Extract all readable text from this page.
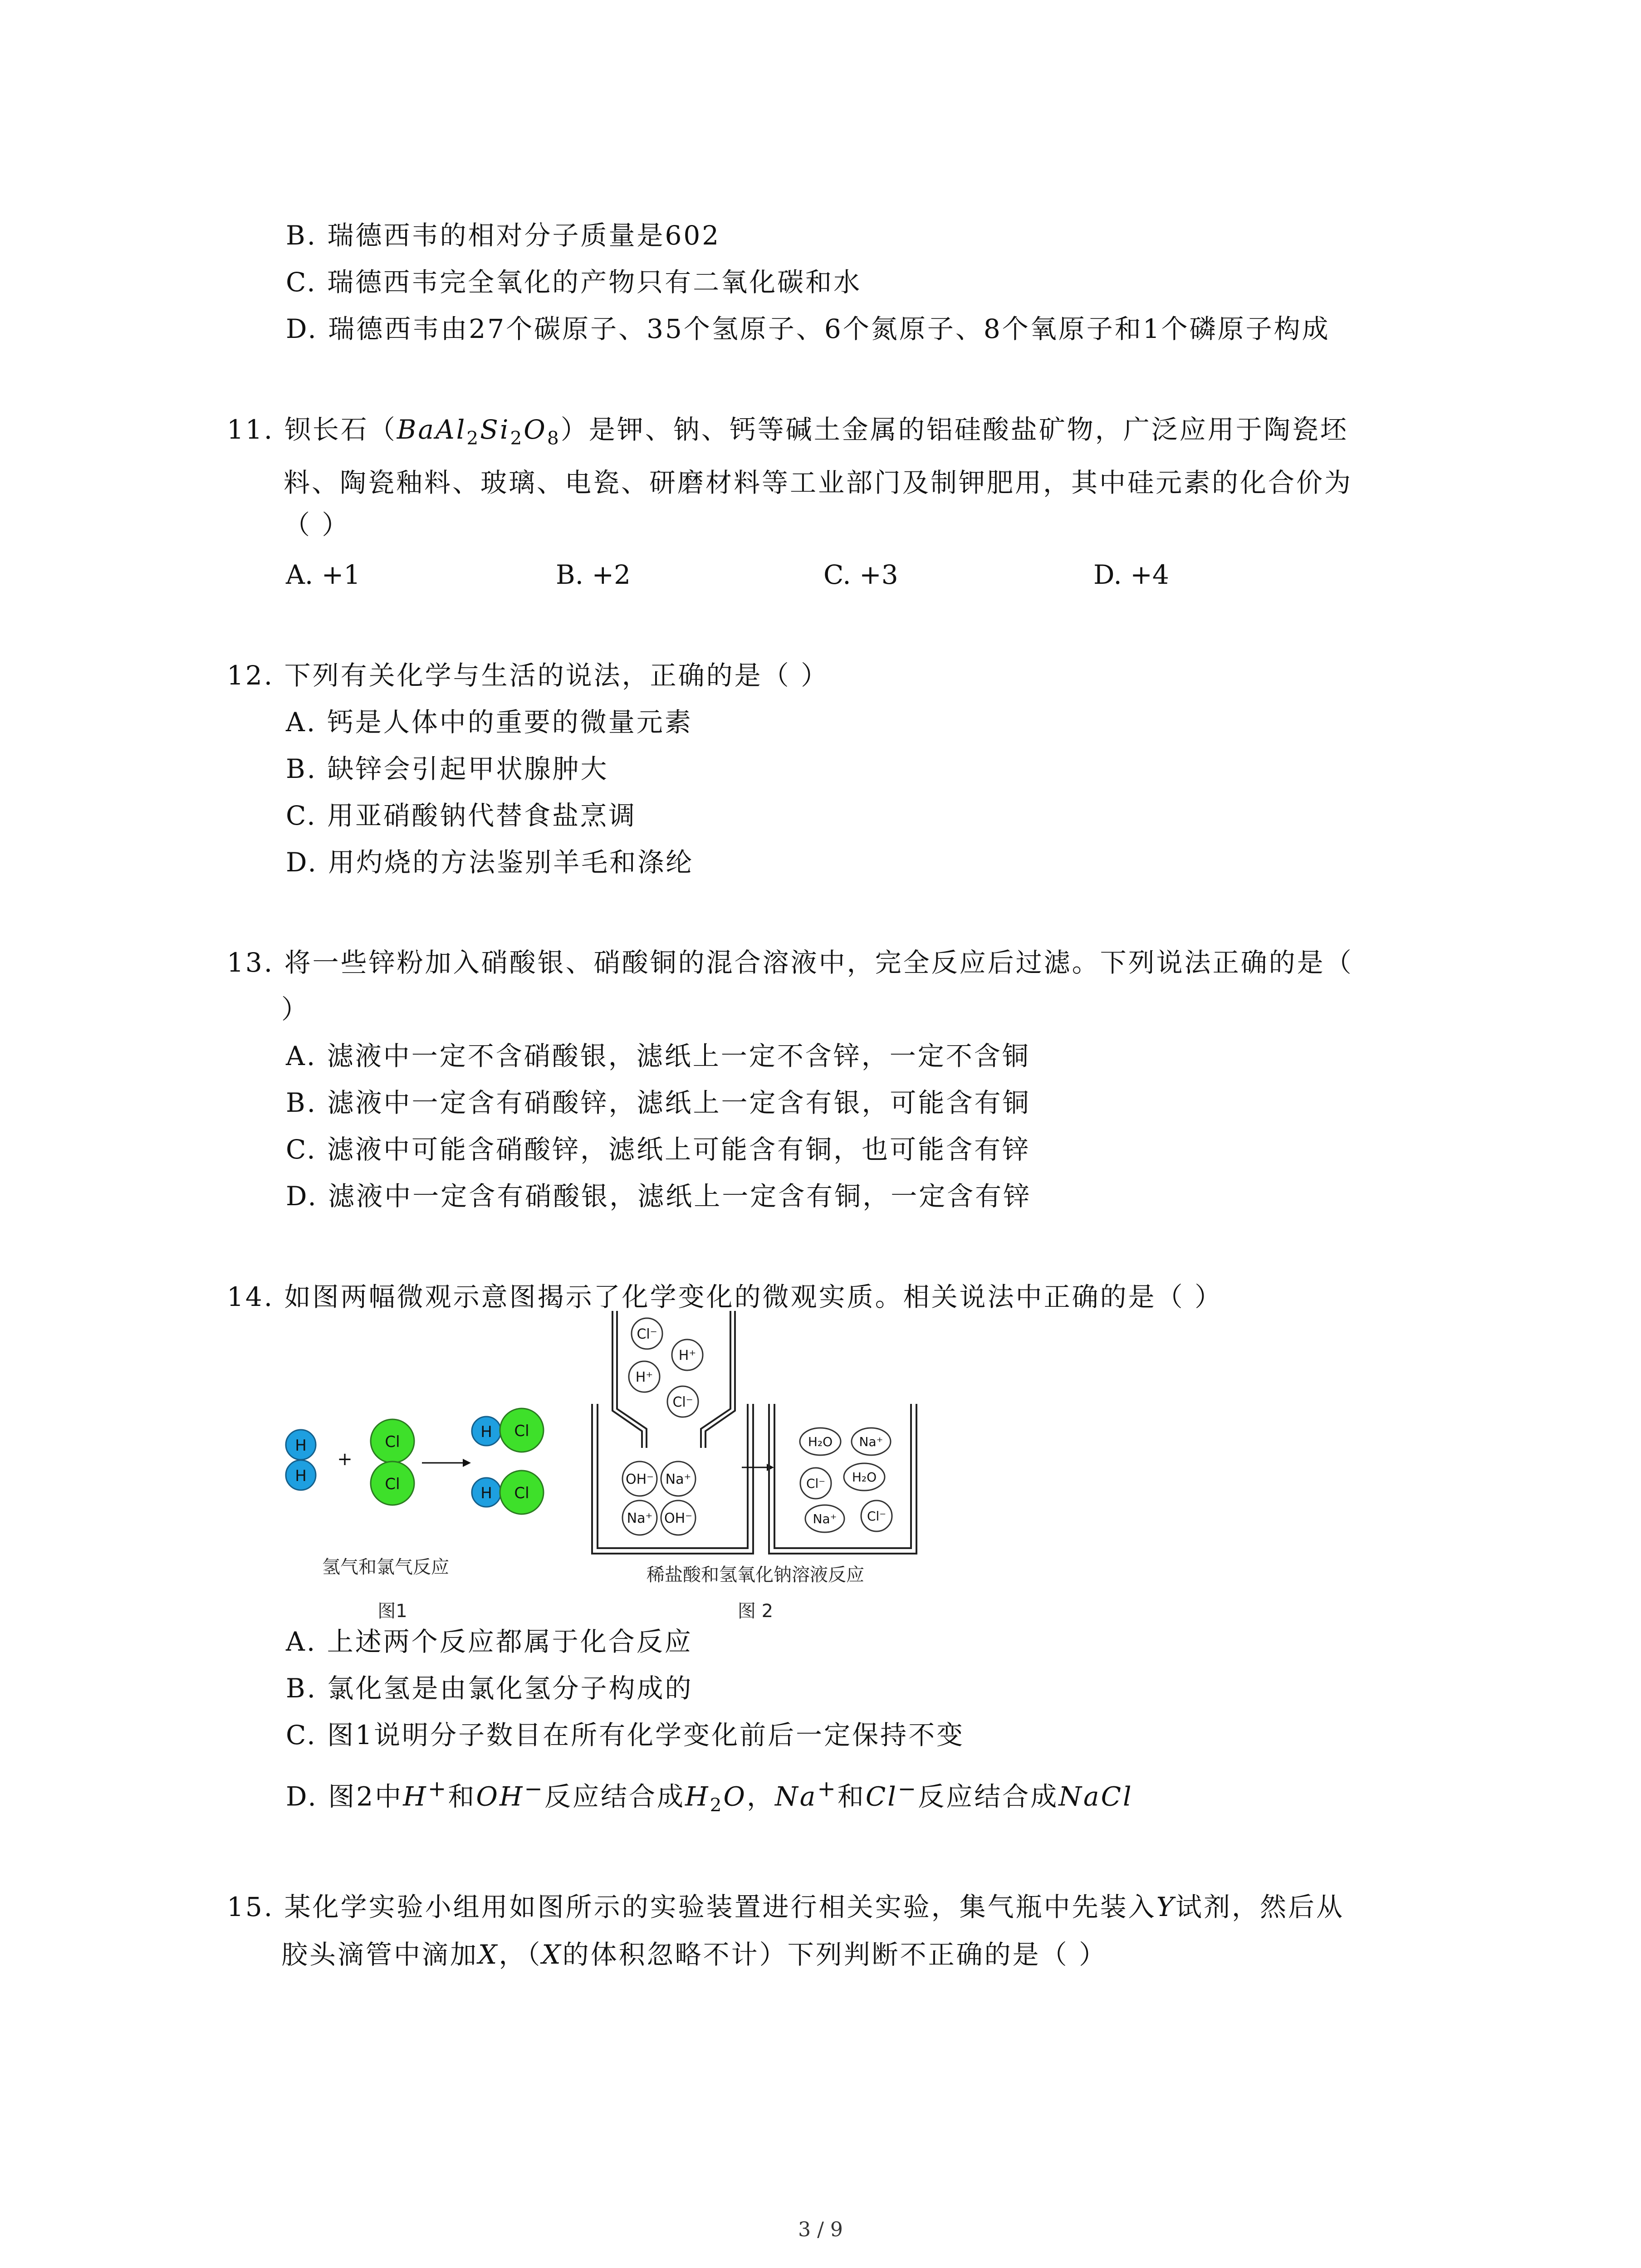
B. 瑞德西韦的相对分子质量是602
C. 瑞德西韦完全氧化的产物只有二氧化碳和水
D. 瑞德西韦由27个碳原子、35个氢原子、6个氮原子、8个氧原子和1个磷原子构成
11. 钡长石$(BaAl_2Si_2O_8)$是钾、钠、钙等碱土金属的铝硅酸盐矿物，广泛应用于陶瓷坯
料、陶瓷釉料、玻璃、电瓷、研磨材料等工业部门及制钾肥用，其中硅元素的化合价为
（ ）
A. +1	B. +2	C. +3	D. +4
12. 下列有关化学与生活的说法，正确的是（ ）
A. 钙是人体中的重要的微量元素
B. 缺锌会引起甲状腺肿大
C. 用亚硝酸钠代替食盐烹调
D. 用灼烧的方法鉴别羊毛和涤纶
13. 将一些锌粉加入硝酸银、硝酸铜的混合溶液中，完全反应后过滤。下列说法正确的是（
）
A. 滤液中一定不含硝酸银，滤纸上一定不含锌，一定不含铜
B. 滤液中一定含有硝酸锌，滤纸上一定含有银，可能含有铜
C. 滤液中可能含硝酸锌，滤纸上可能含有铜，也可能含有锌
D. 滤液中一定含有硝酸银，滤纸上一定含有铜，一定含有锌
14. 如图两幅微观示意图揭示了化学变化的微观实质。相关说法中正确的是（ ）
H
H
+
Cl
Cl
H Cl
H Cl
氢气和氯气反应
图1
Cl⁻
H⁺
H⁺
Cl⁻
OH⁻ Na⁺
Na⁺ OH⁻
H₂O Na⁺
Cl⁻ H₂O
Na⁺ Cl⁻
稀盐酸和氢氧化钠溶液反应
图 2
A. 上述两个反应都属于化合反应
B. 氯化氢是由氯化氢分子构成的
C. 图1说明分子数目在所有化学变化前后一定保持不变
D. 图2中H+和OH−反应结合成$H_2O$，Na+和Cl−反应结合成NaCl
15. 某化学实验小组用如图所示的实验装置进行相关实验，集气瓶中先装入Y试剂，然后从
胶头滴管中滴加X，（X的体积忽略不计）下列判断不正确的是（ ）
3 / 9
